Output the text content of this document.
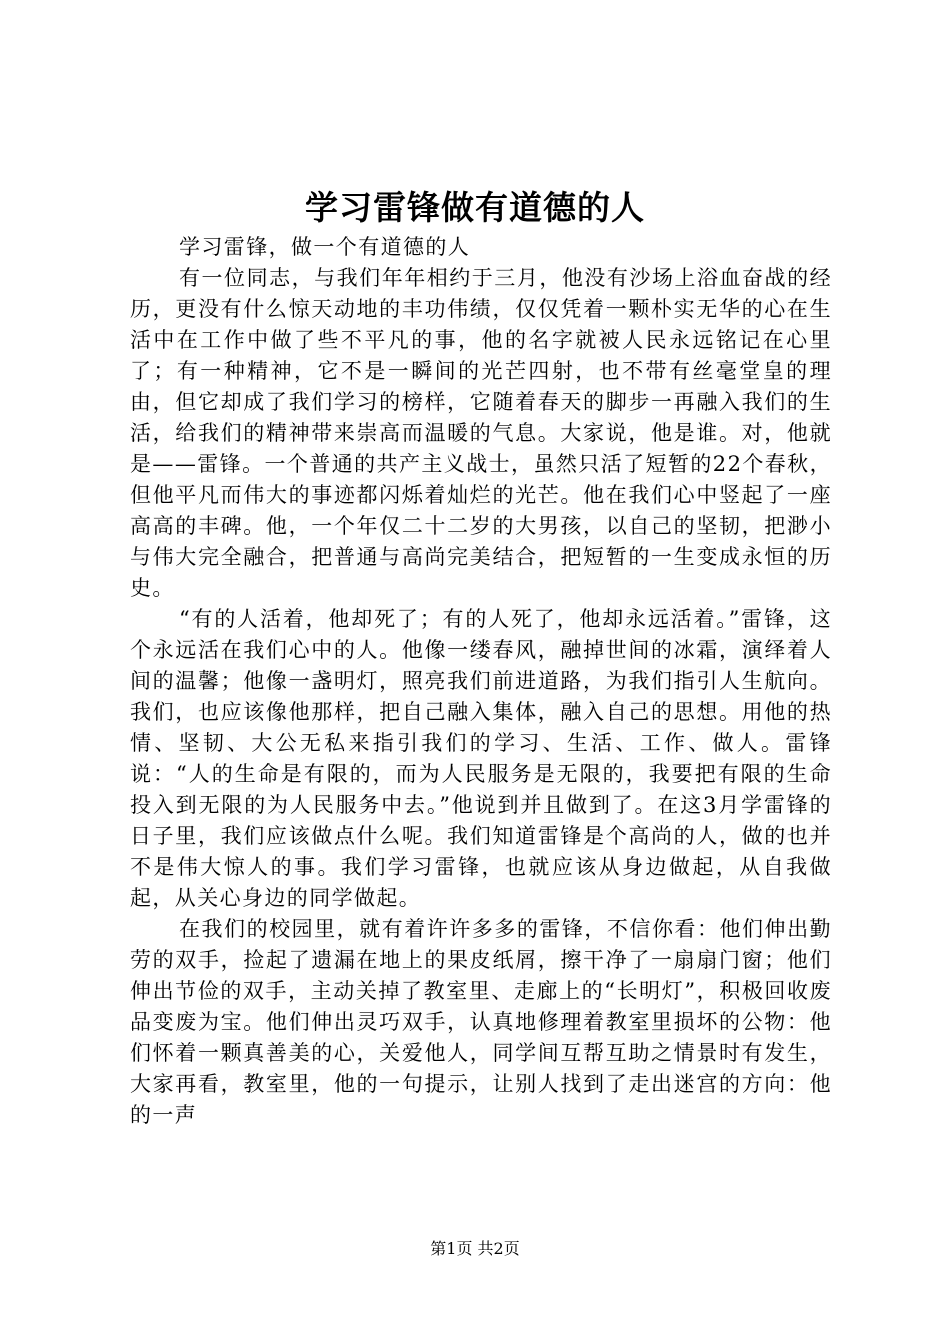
学习雷锋做有道德的人

学习雷锋，做一个有道德的人

有一位同志，与我们年年相约于三月，他没有沙场上浴血奋战的经历，更没有什么惊天动地的丰功伟绩，仅仅凭着一颗朴实无华的心在生活中在工作中做了些不平凡的事，他的名字就被人民永远铭记在心里了；有一种精神，它不是一瞬间的光芒四射，也不带有丝毫堂皇的理由，但它却成了我们学习的榜样，它随着春天的脚步一再融入我们的生活，给我们的精神带来崇高而温暖的气息。大家说，他是谁。对，他就是——雷锋。一个普通的共产主义战士，虽然只活了短暂的22个春秋，但他平凡而伟大的事迹都闪烁着灿烂的光芒。他在我们心中竖起了一座高高的丰碑。他，一个年仅二十二岁的大男孩，以自己的坚韧，把渺小与伟大完全融合，把普通与高尚完美结合，把短暂的一生变成永恒的历史。

“有的人活着，他却死了；有的人死了，他却永远活着。”雷锋，这个永远活在我们心中的人。他像一缕春风，融掉世间的冰霜，演绎着人间的温馨；他像一盏明灯，照亮我们前进道路，为我们指引人生航向。我们，也应该像他那样，把自己融入集体，融入自己的思想。用他的热情、坚韧、大公无私来指引我们的学习、生活、工作、做人。雷锋说：“人的生命是有限的，而为人民服务是无限的，我要把有限的生命投入到无限的为人民服务中去。”他说到并且做到了。在这3月学雷锋的日子里，我们应该做点什么呢。我们知道雷锋是个高尚的人，做的也并不是伟大惊人的事。我们学习雷锋，也就应该从身边做起，从自我做起，从关心身边的同学做起。

在我们的校园里，就有着许许多多的雷锋，不信你看：他们伸出勤劳的双手，捡起了遗漏在地上的果皮纸屑，擦干净了一扇扇门窗；他们伸出节俭的双手，主动关掉了教室里、走廊上的“长明灯”，积极回收废品变废为宝。他们伸出灵巧双手，认真地修理着教室里损坏的公物：他们怀着一颗真善美的心，关爱他人，同学间互帮互助之情景时有发生，大家再看，教室里，他的一句提示，让别人找到了走出迷宫的方向：他的一声

第1页 共2页
